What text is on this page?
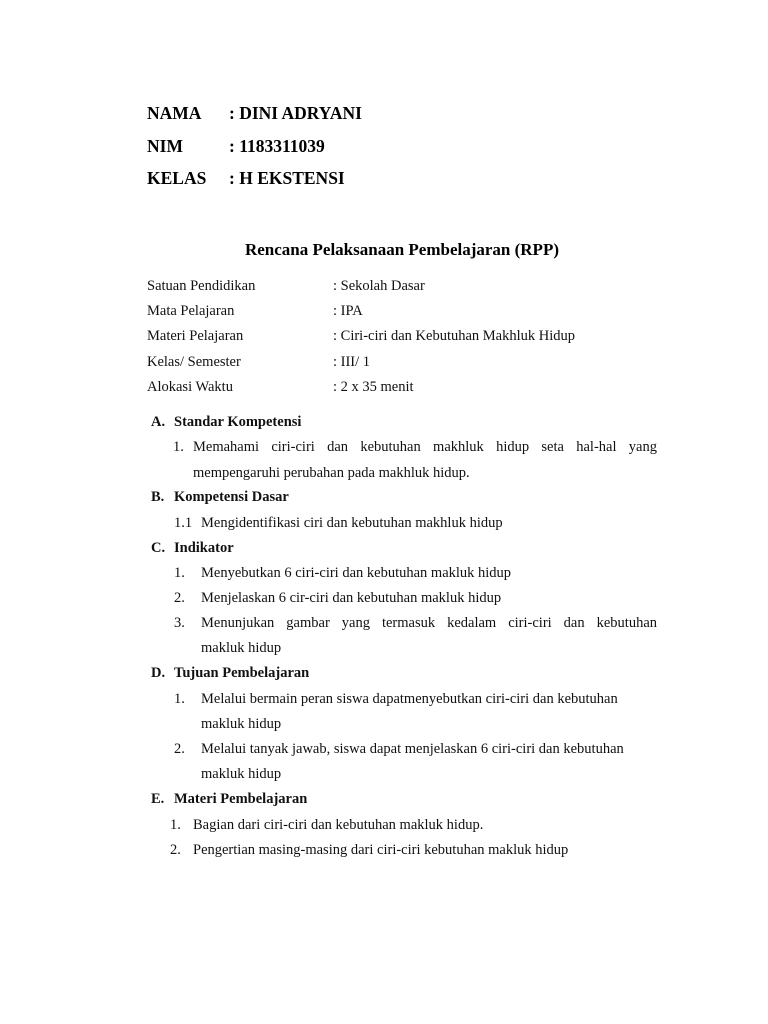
NAMA : DINI ADRYANI
NIM	: 1183311039
KELAS : H EKSTENSI
Rencana Pelaksanaan Pembelajaran (RPP)
Satuan Pendidikan	: Sekolah Dasar
Mata Pelajaran	: IPA
Materi Pelajaran	: Ciri-ciri dan Kebutuhan Makhluk Hidup
Kelas/ Semester	: III/ 1
Alokasi Waktu	: 2 x 35 menit
A. Standar Kompetensi
1. Memahami ciri-ciri dan kebutuhan makhluk hidup seta hal-hal yang
mempengaruhi perubahan pada makhluk hidup.
B. Kompetensi Dasar
1.1 Mengidentifikasi ciri dan kebutuhan makhluk hidup
C. Indikator
1. Menyebutkan 6 ciri-ciri dan kebutuhan makluk hidup
2. Menjelaskan 6 cir-ciri dan kebutuhan makluk hidup
3. Menunjukan gambar yang termasuk kedalam ciri-ciri dan kebutuhan
makluk hidup
D. Tujuan Pembelajaran
1. Melalui bermain peran siswa dapatmenyebutkan ciri-ciri dan kebutuhan
makluk hidup
2. Melalui tanyak jawab, siswa dapat menjelaskan 6 ciri-ciri dan kebutuhan
makluk hidup
E. Materi Pembelajaran
1. Bagian dari ciri-ciri dan kebutuhan makluk hidup.
2. Pengertian masing-masing dari ciri-ciri kebutuhan makluk hidup
